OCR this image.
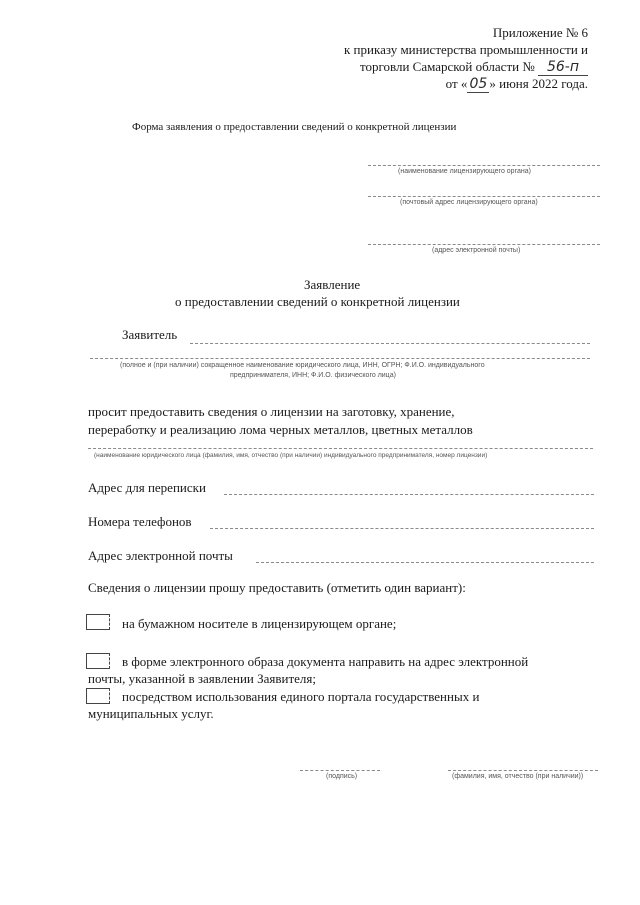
Приложение № 6
к приказу министерства промышленности и
торговли Самарской области № 56-п
от « 05 » июня 2022 года.
Форма заявления о предоставлении сведений о конкретной лицензии
(наименование лицензирующего органа)
(почтовый адрес лицензирующего органа)
(адрес электронной почты)
Заявление
о предоставлении сведений о конкретной лицензии
Заявитель
(полное и (при наличии) сокращенное наименование юридического лица, ИНН, ОГРН; Ф.И.О. индивидуального
предпринимателя, ИНН; Ф.И.О. физического лица)
просит предоставить сведения о лицензии на заготовку, хранение,
переработку и реализацию лома черных металлов, цветных металлов
(наименование юридического лица (фамилия, имя, отчество (при наличии) индивидуального предпринимателя, номер лицензии)
Адрес для переписки
Номера телефонов
Адрес электронной почты
Сведения о лицензии прошу предоставить (отметить один вариант):
на бумажном носителе в лицензирующем органе;
в форме электронного образа документа направить на адрес электронной
почты, указанной в заявлении Заявителя;
посредством использования единого портала государственных и
муниципальных услуг.
(подпись)	(фамилия, имя, отчество (при наличии))
